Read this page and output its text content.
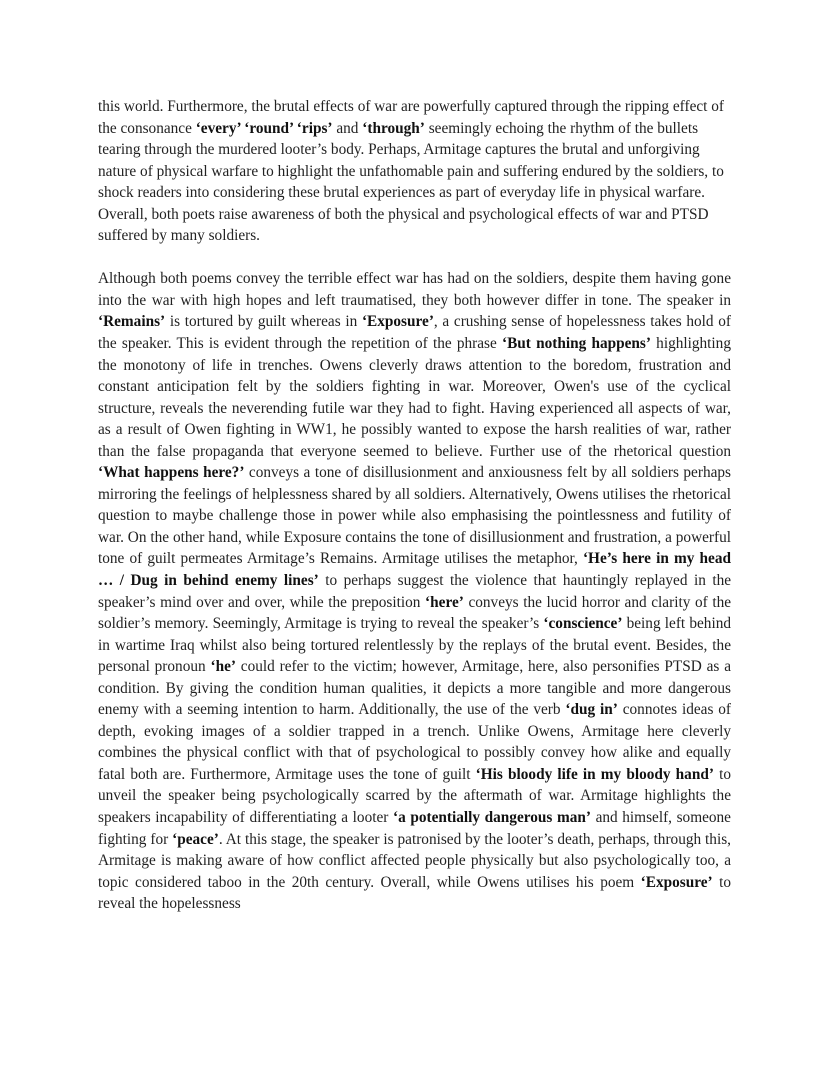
this world. Furthermore, the brutal effects of war are powerfully captured through the ripping effect of the consonance ‘every’ ‘round’ ‘rips’ and ‘through’ seemingly echoing the rhythm of the bullets tearing through the murdered looter’s body. Perhaps, Armitage captures the brutal and unforgiving nature of physical warfare to highlight the unfathomable pain and suffering endured by the soldiers, to shock readers into considering these brutal experiences as part of everyday life in physical warfare. Overall, both poets raise awareness of both the physical and psychological effects of war and PTSD suffered by many soldiers.

Although both poems convey the terrible effect war has had on the soldiers, despite them having gone into the war with high hopes and left traumatised, they both however differ in tone. The speaker in ‘Remains’ is tortured by guilt whereas in ‘Exposure’, a crushing sense of hopelessness takes hold of the speaker. This is evident through the repetition of the phrase ‘But nothing happens’ highlighting the monotony of life in trenches. Owens cleverly draws attention to the boredom, frustration and constant anticipation felt by the soldiers fighting in war. Moreover, Owen's use of the cyclical structure, reveals the neverending futile war they had to fight. Having experienced all aspects of war, as a result of Owen fighting in WW1, he possibly wanted to expose the harsh realities of war, rather than the false propaganda that everyone seemed to believe. Further use of the rhetorical question ‘What happens here?’ conveys a tone of disillusionment and anxiousness felt by all soldiers perhaps mirroring the feelings of helplessness shared by all soldiers. Alternatively, Owens utilises the rhetorical question to maybe challenge those in power while also emphasising the pointlessness and futility of war. On the other hand, while Exposure contains the tone of disillusionment and frustration, a powerful tone of guilt permeates Armitage’s Remains. Armitage utilises the metaphor, ‘He’s here in my head … / Dug in behind enemy lines’ to perhaps suggest the violence that hauntingly replayed in the speaker’s mind over and over, while the preposition ‘here’ conveys the lucid horror and clarity of the soldier’s memory. Seemingly, Armitage is trying to reveal the speaker’s ‘conscience’ being left behind in wartime Iraq whilst also being tortured relentlessly by the replays of the brutal event. Besides, the personal pronoun ‘he’ could refer to the victim; however, Armitage, here, also personifies PTSD as a condition. By giving the condition human qualities, it depicts a more tangible and more dangerous enemy with a seeming intention to harm. Additionally, the use of the verb ‘dug in’ connotes ideas of depth, evoking images of a soldier trapped in a trench. Unlike Owens, Armitage here cleverly combines the physical conflict with that of psychological to possibly convey how alike and equally fatal both are. Furthermore, Armitage uses the tone of guilt ‘His bloody life in my bloody hand’ to unveil the speaker being psychologically scarred by the aftermath of war. Armitage highlights the speakers incapability of differentiating a looter ‘a potentially dangerous man’ and himself, someone fighting for ‘peace’. At this stage, the speaker is patronised by the looter’s death, perhaps, through this, Armitage is making aware of how conflict affected people physically but also psychologically too, a topic considered taboo in the 20th century. Overall, while Owens utilises his poem ‘Exposure’ to reveal the hopelessness
